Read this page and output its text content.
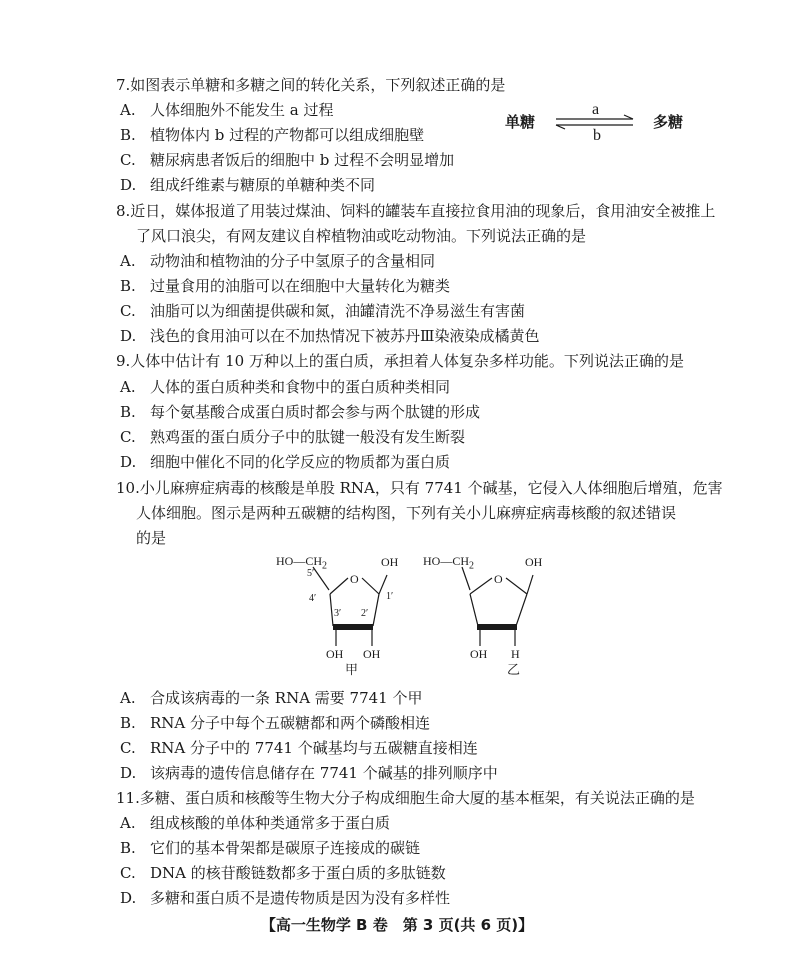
7.如图表示单糖和多糖之间的转化关系，下列叙述正确的是
A. 人体细胞外不能发生 a 过程
B. 植物体内 b 过程的产物都可以组成细胞壁
C. 糖尿病患者饭后的细胞中 b 过程不会明显增加
D. 组成纤维素与糖原的单糖种类不同
单糖	多糖
a
b
8.近日，媒体报道了用装过煤油、饲料的罐装车直接拉食用油的现象后，食用油安全被推上
了风口浪尖，有网友建议自榨植物油或吃动物油。下列说法正确的是
A. 动物油和植物油的分子中氢原子的含量相同
B. 过量食用的油脂可以在细胞中大量转化为糖类
C. 油脂可以为细菌提供碳和氮，油罐清洗不净易滋生有害菌
D. 浅色的食用油可以在不加热情况下被苏丹Ⅲ染液染成橘黄色
9.人体中估计有 10 万种以上的蛋白质，承担着人体复杂多样功能。下列说法正确的是
A. 人体的蛋白质种类和食物中的蛋白质种类相同
B. 每个氨基酸合成蛋白质时都会参与两个肽键的形成
C. 熟鸡蛋的蛋白质分子中的肽键一般没有发生断裂
D. 细胞中催化不同的化学反应的物质都为蛋白质
10.小儿麻痹症病毒的核酸是单股 RNA，只有 7741 个碱基，它侵入人体细胞后增殖，危害
人体细胞。图示是两种五碳糖的结构图，下列有关小儿麻痹症病毒核酸的叙述错误
的是
$HO—CH_2$	OH
O
5′
4′
3′ 2′
1′
OH OH
甲
$HO—CH_2$	OH
O
OH H
乙
A. 合成该病毒的一条 RNA 需要 7741 个甲
B. RNA 分子中每个五碳糖都和两个磷酸相连
C. RNA 分子中的 7741 个碱基均与五碳糖直接相连
D. 该病毒的遗传信息储存在 7741 个碱基的排列顺序中
11.多糖、蛋白质和核酸等生物大分子构成细胞生命大厦的基本框架，有关说法正确的是
A. 组成核酸的单体种类通常多于蛋白质
B. 它们的基本骨架都是碳原子连接成的碳链
C. DNA 的核苷酸链数都多于蛋白质的多肽链数
D. 多糖和蛋白质不是遗传物质是因为没有多样性
【高一生物学 B 卷　第 3 页(共 6 页)】
